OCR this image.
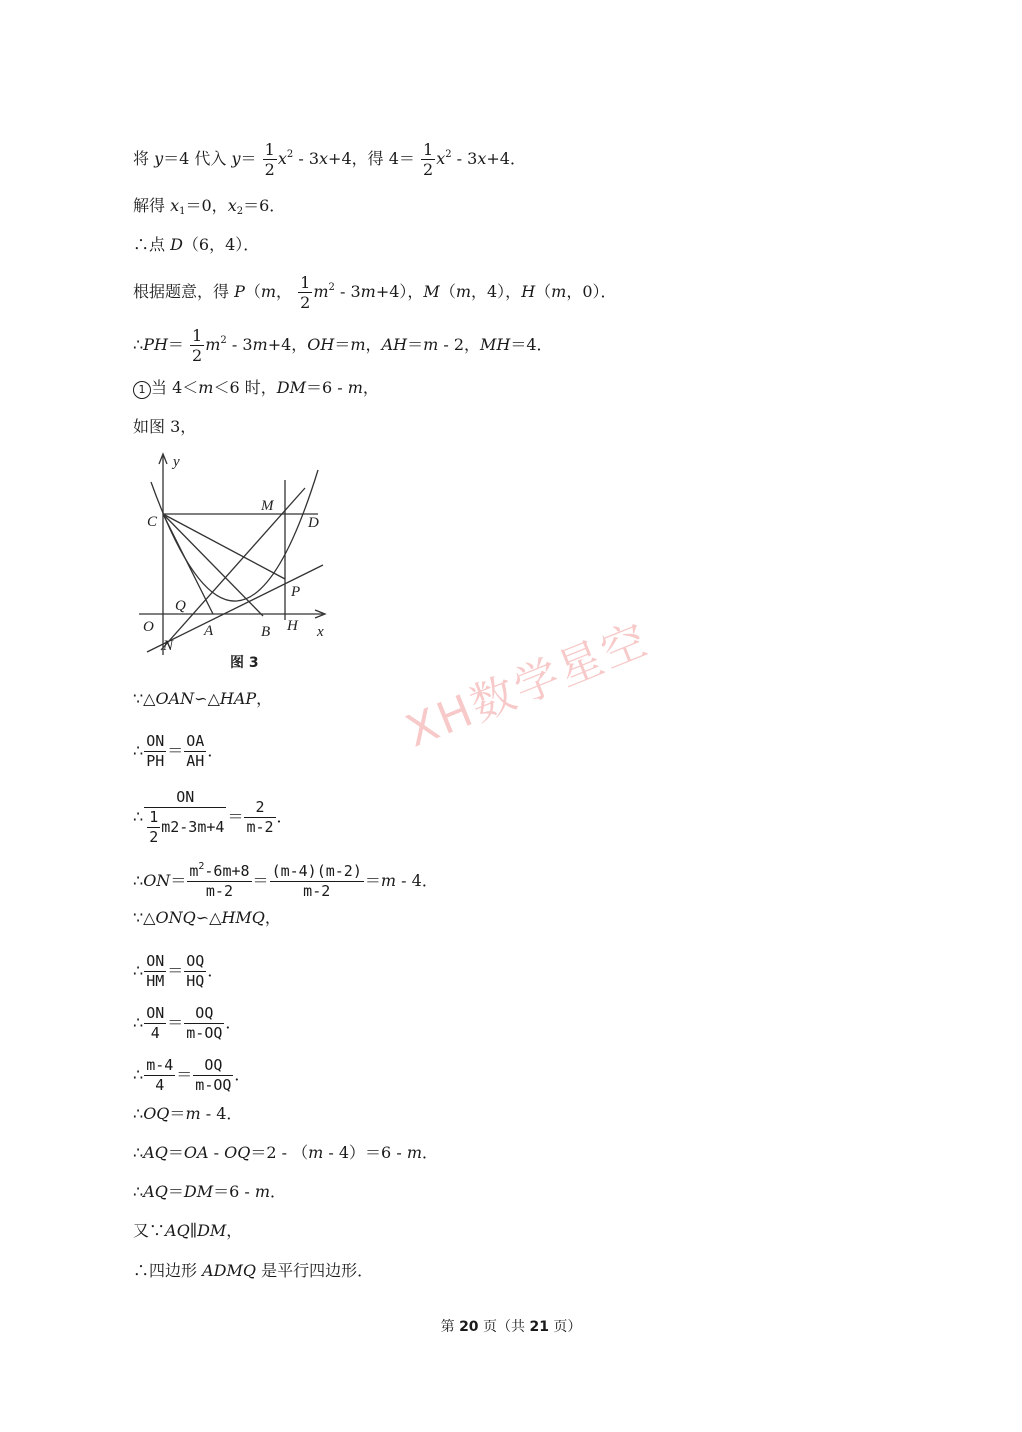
将 y＝4 代入 $y= \frac{1}{2} x^2 - 3x+4$，得 $4= \frac{1}{2} x^2 - 3x+4$．
解得 $x_1=0$，$x_2=6$．
∴点 D（6，4）．
根据题意，得 P（m， $\frac{1}{2} m^2 - 3m+4$），M（m，4），H（m，0）．
∴PH＝ $\frac{1}{2} m^2 - 3m+4$，OH＝m，AH＝m - 2，MH＝4．
1 当 4＜m＜6 时，DM＝6 - m，
如图 3，
y
x
C
M
D
P
Q
O	A	B H
N
图 3
∵△OAN∽△HAP，
∴ $\frac{ON}{PH} = \frac{OA}{AH}$ ．
∴ $\frac{ON}{\frac{1}{2} m2-3m+4} = \frac{2}{m-2}$ ．
∴ON＝ $\frac{m^2-6m+8}{m-2} = \frac{(m-4)(m-2)}{m-2} =m - 4$．
∵△ONQ∽△HMQ，
∴ $\frac{ON}{HM} = \frac{OQ}{HQ}$ ．
∴ $\frac{ON}{4} = \frac{OQ}{m-OQ}$ ．
∴ $\frac{m-4}{4} = \frac{OQ}{m-OQ}$ ．
∴OQ＝m - 4．
∴AQ＝OA - OQ＝2 - （m - 4）＝6 - m．
∴AQ＝DM＝6 - m．
又∵AQ∥DM，
∴四边形 ADMQ 是平行四边形．
XH数学星空
第 20 页（共 21 页）
